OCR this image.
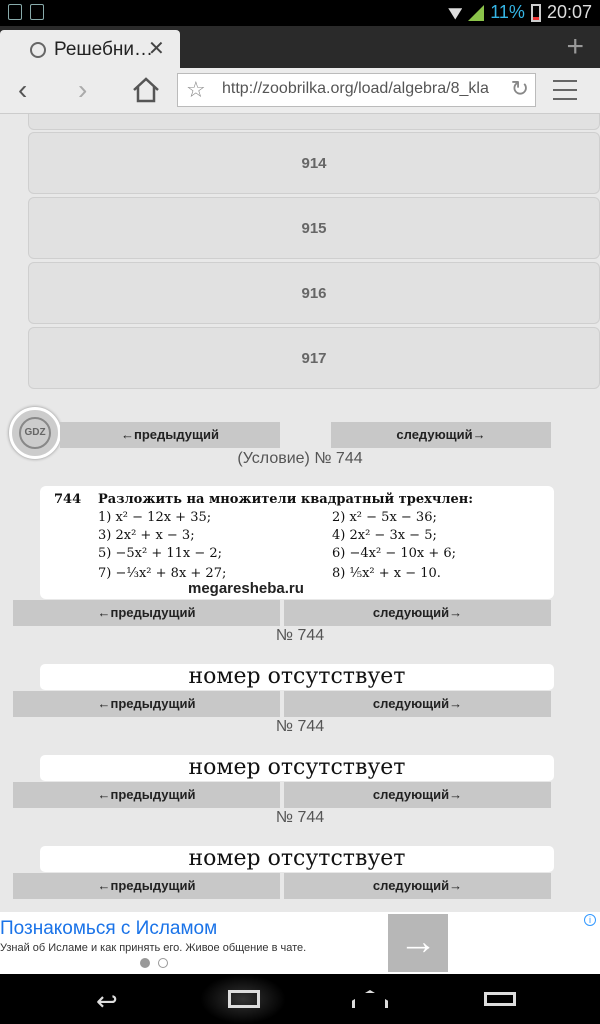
11% 20:07
Решебни…
✕	+
‹ ›	☆ http://zoobrilka.org/load/algebra/8_kla ↻
914
915
916
917
GDZ	←предыдущий	следующий→
(Условие) № 744
744 Разложить на множители квадратный трехчлен:
1) x² − 12x + 35;	2) x² − 5x − 36;
3) 2x² + x − 3;	4) 2x² − 3x − 5;
5) −5x² + 11x − 2;	6) −4x² − 10x + 6;
7) −⅓x² + 8x + 27;	8) ⅕x² + x − 10.
megaresheba.ru
←предыдущий	следующий→
№ 744
номер отсутствует
←предыдущий	следующий→
№ 744
номер отсутствует
←предыдущий	следующий→
№ 744
номер отсутствует
←предыдущий	следующий→
Познакомься с Исламом
Узнай об Исламе и как принять его. Живое общение в чате. →
i
↩
